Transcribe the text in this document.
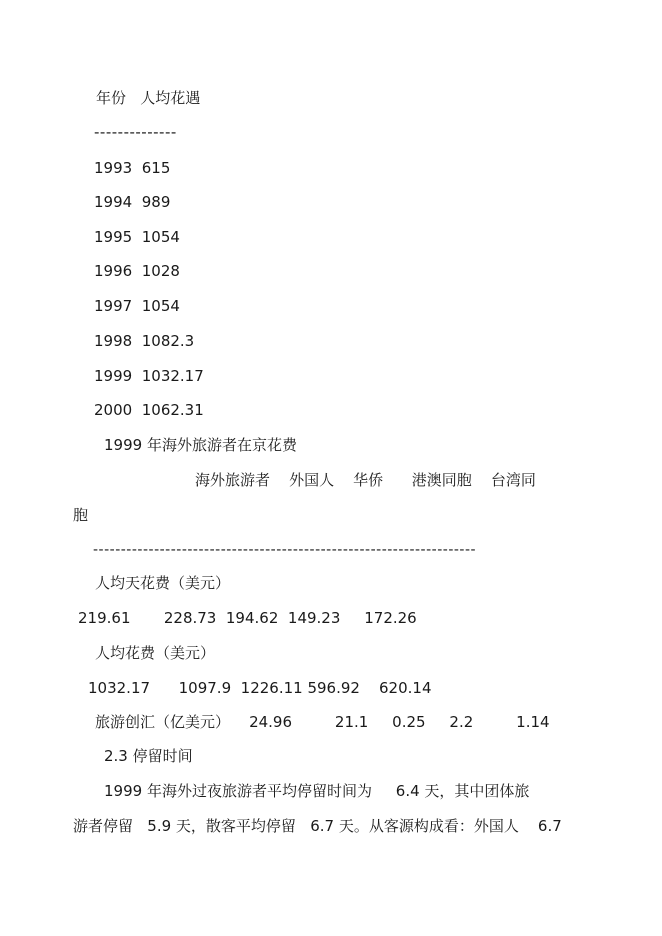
年份   人均花遇
--------------
1993 615
1994 989
1995 1054
1996 1028
1997 1054
1998 1082.3
1999 1032.17
2000 1062.31
1999 年海外旅游者在京花费
海外旅游者    外国人    华侨      港澳同胞    台湾同
胞
---------------------------------------------------------------------
人均天花费（美元）
219.61       228.73  194.62  149.23     172.26
人均花费（美元）
1032.17      1097.9  1226.11 596.92    620.14
旅游创汇（亿美元）    24.96         21.1     0.25     2.2         1.14
2.3 停留时间
1999 年海外过夜旅游者平均停留时间为     6.4 天，其中团体旅
游者停留   5.9 天，散客平均停留   6.7 天。从客源构成看：外国人    6.7
